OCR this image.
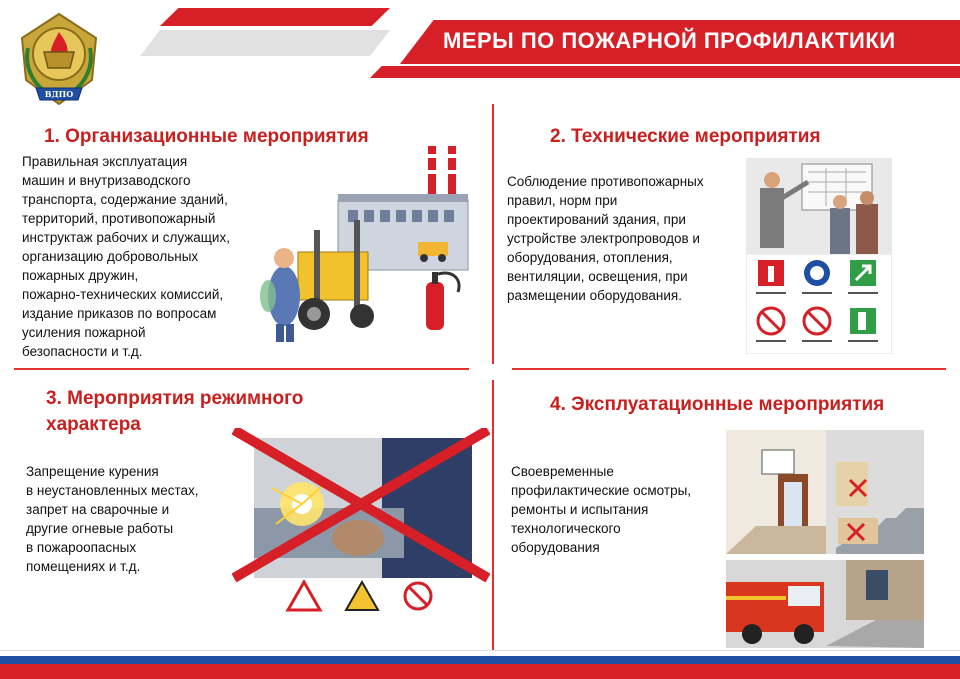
МЕРЫ ПО ПОЖАРНОЙ ПРОФИЛАКТИКИ
ВДПО
1. Организационные мероприятия
Правильная эксплуатация
машин и внутризаводского
транспорта, содержание зданий,
территорий, противопожарный
инструктаж рабочих и служащих,
организацию добровольных
пожарных дружин,
пожарно-технических комиссий,
издание приказов по вопросам
усиления пожарной
безопасности и т.д.
2. Технические мероприятия
Соблюдение противопожарных
правил, норм при
проектирований здания, при
устройстве электропроводов и
оборудования, отопления,
вентиляции, освещения, при
размещении оборудования.
3. Мероприятия режимного
характера
Запрещение курения
в неустановленных местах,
запрет на сварочные и
другие огневые работы
в пожароопасных
помещениях и т.д.
4. Эксплуатационные мероприятия
Своевременные
профилактические осмотры,
ремонты и испытания
технологического
оборудования
